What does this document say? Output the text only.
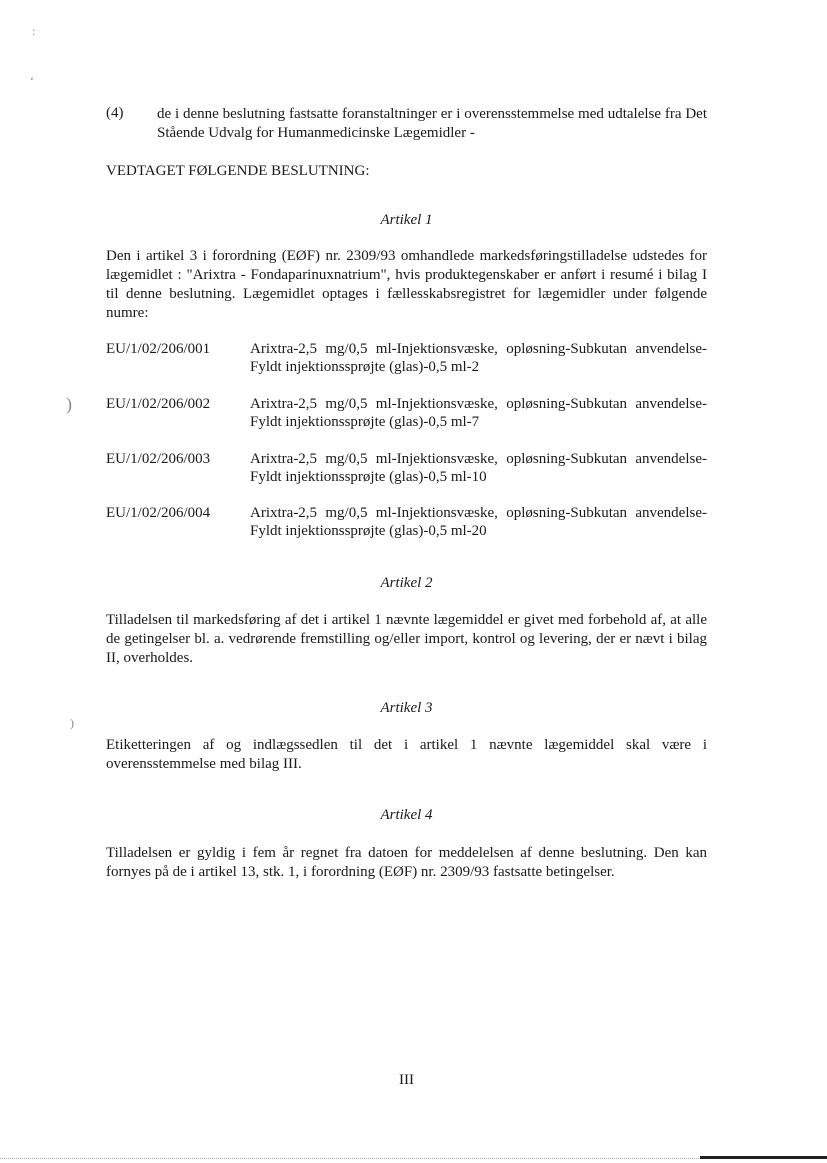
:
‘
)
)
(4) de i denne beslutning fastsatte foranstaltninger er i overensstemmelse med udtalelse fra Det Stående Udvalg for Humanmedicinske Lægemidler -
VEDTAGET FØLGENDE BESLUTNING:
Artikel 1
Den i artikel 3 i forordning (EØF) nr. 2309/93 omhandlede markedsføringstilladelse udstedes for lægemidlet : "Arixtra - Fondaparinuxnatrium", hvis produktegenskaber er anført i resumé i bilag I til denne beslutning. Lægemidlet optages i fællesskabsregistret for lægemidler under følgende numre:
EU/1/02/206/001	Arixtra-2,5 mg/0,5 ml-Injektionsvæske, opløsning-Subkutan anvendelse-Fyldt injektionssprøjte (glas)-0,5 ml-2
EU/1/02/206/002	Arixtra-2,5 mg/0,5 ml-Injektionsvæske, opløsning-Subkutan anvendelse-Fyldt injektionssprøjte (glas)-0,5 ml-7
EU/1/02/206/003	Arixtra-2,5 mg/0,5 ml-Injektionsvæske, opløsning-Subkutan anvendelse-Fyldt injektionssprøjte (glas)-0,5 ml-10
EU/1/02/206/004	Arixtra-2,5 mg/0,5 ml-Injektionsvæske, opløsning-Subkutan anvendelse-Fyldt injektionssprøjte (glas)-0,5 ml-20
Artikel 2
Tilladelsen til markedsføring af det i artikel 1 nævnte lægemiddel er givet med forbehold af, at alle de getingelser bl. a. vedrørende fremstilling og/eller import, kontrol og levering, der er nævt i bilag II, overholdes.
Artikel 3
Etiketteringen af og indlægssedlen til det i artikel 1 nævnte lægemiddel skal være i overensstemmelse med bilag III.
Artikel 4
Tilladelsen er gyldig i fem år regnet fra datoen for meddelelsen af denne beslutning. Den kan fornyes på de i artikel 13, stk. 1, i forordning (EØF) nr. 2309/93 fastsatte betingelser.
III
